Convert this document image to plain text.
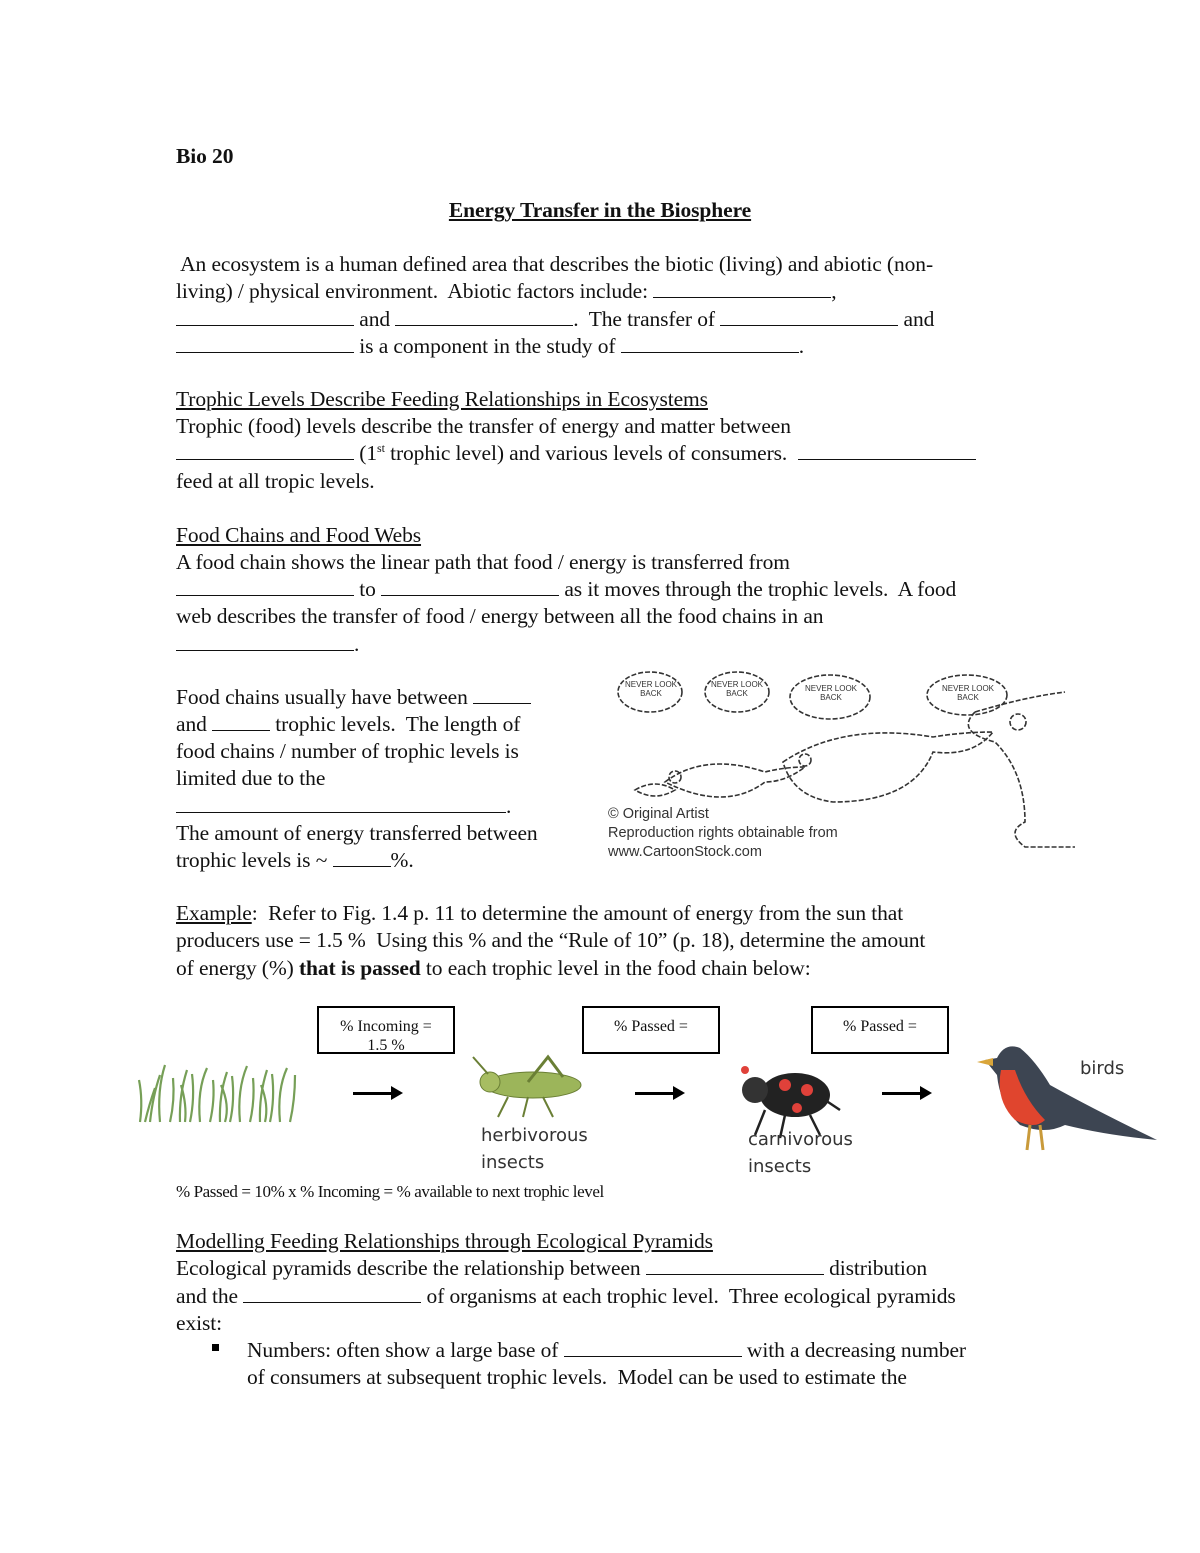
Bio 20
Energy Transfer in the Biosphere
An ecosystem is a human defined area that describes the biotic (living) and abiotic (non-
living) / physical environment.  Abiotic factors include:	,
and	.  The transfer of	and
is a component in the study of	.
Trophic Levels Describe Feeding Relationships in Ecosystems
Trophic (food) levels describe the transfer of energy and matter between
(1st trophic level) and various levels of consumers.
feed at all tropic levels.
Food Chains and Food Webs
A food chain shows the linear path that food / energy is transferred from
to	as it moves through the trophic levels.  A food
web describes the transfer of food / energy between all the food chains in an
.
Food chains usually have between
and	trophic levels.  The length of
food chains / number of trophic levels is
limited due to the
.
The amount of energy transferred between
trophic levels is ~	%.
Example:  Refer to Fig. 1.4 p. 11 to determine the amount of energy from the sun that
producers use = 1.5 %  Using this % and the “Rule of 10” (p. 18), determine the amount
of energy (%) that is passed to each trophic level in the food chain below:
Modelling Feeding Relationships through Ecological Pyramids
Ecological pyramids describe the relationship between	distribution
and the	of organisms at each trophic level.  Three ecological pyramids
exist:
Numbers: often show a large base of	with a decreasing number
of consumers at subsequent trophic levels.  Model can be used to estimate the
NEVER LOOK BACK
NEVER LOOK BACK
NEVER LOOK BACK
NEVER LOOK BACK
© Original Artist
Reproduction rights obtainable from
www.CartoonStock.com
% Incoming =
1.5 %
% Passed =	% Passed =
herbivorous
insects
carnivorous
insects
birds
% Passed = 10% x % Incoming = % available to next trophic level
